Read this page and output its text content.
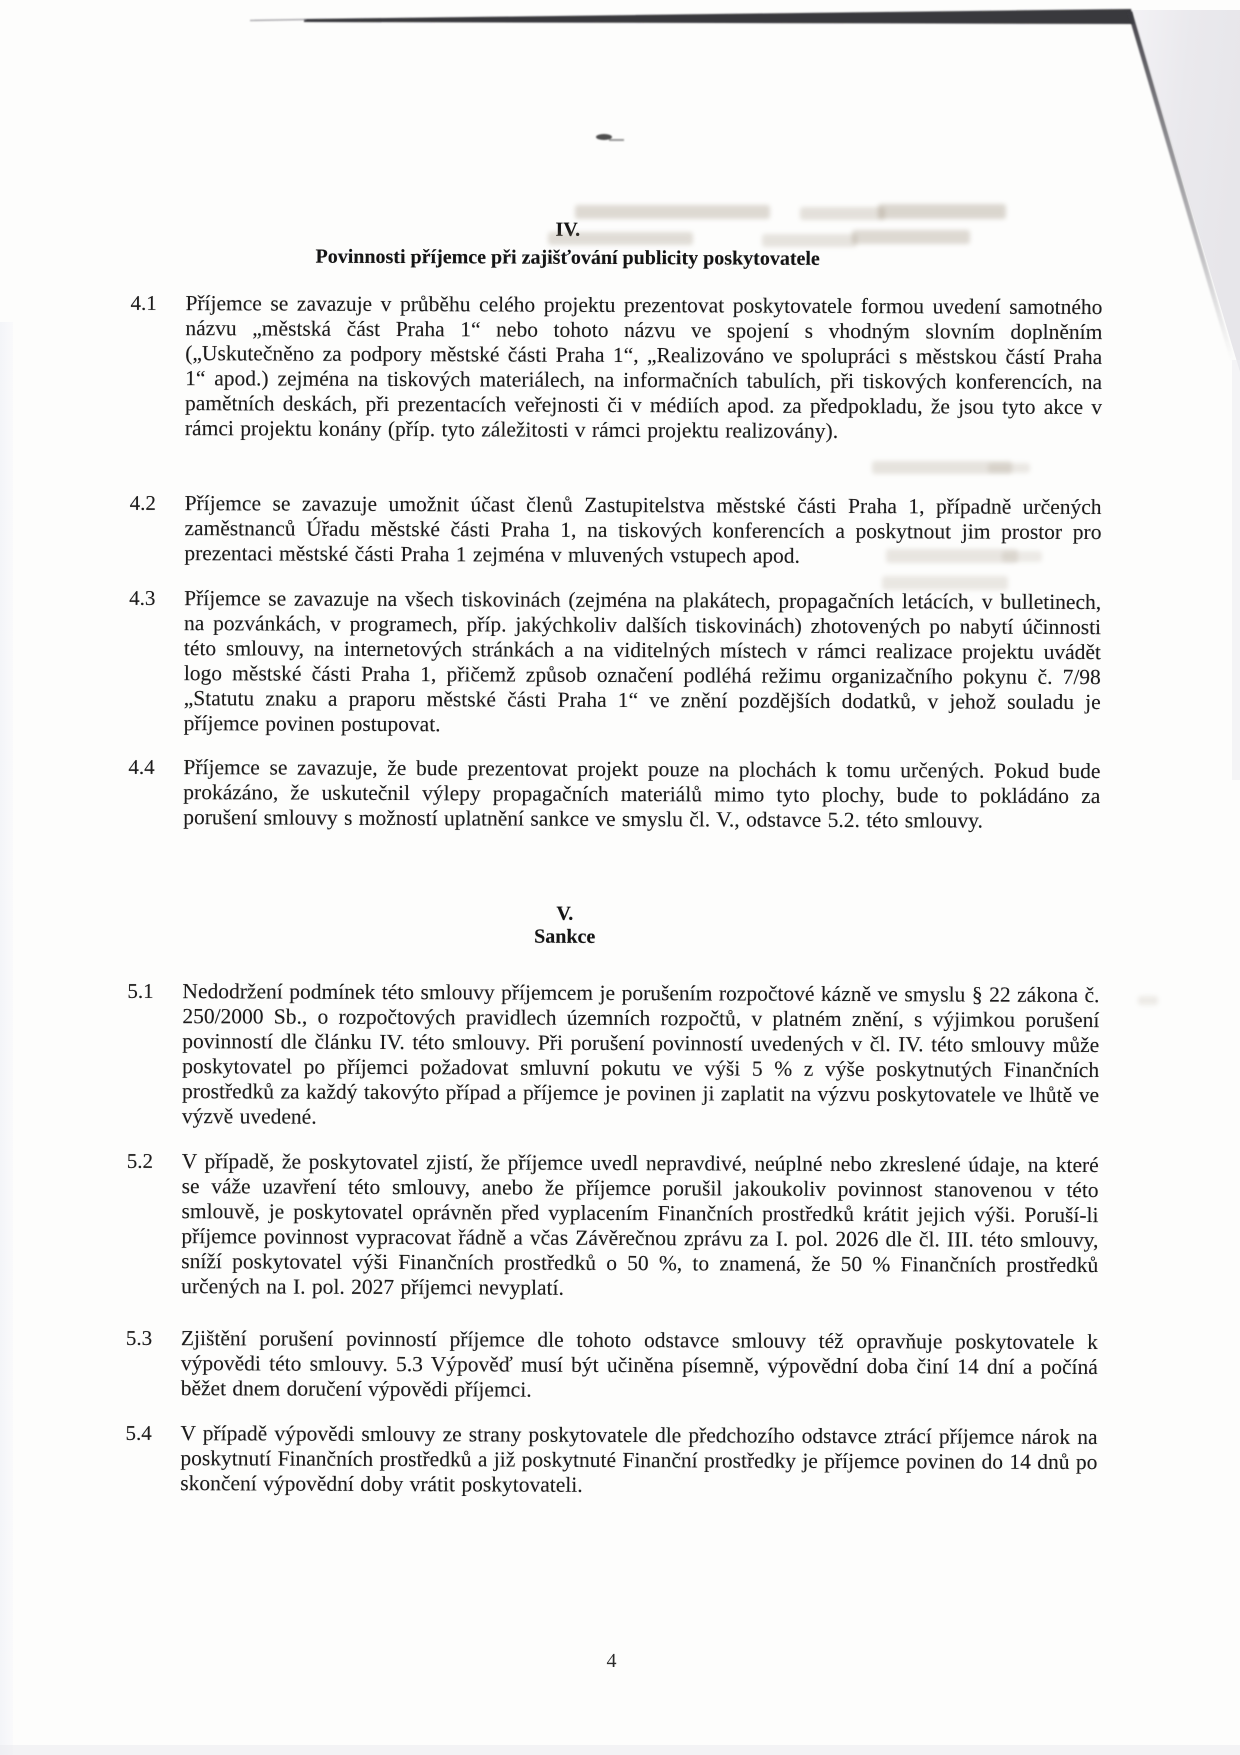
IV.
Povinnosti příjemce při zajišťování publicity poskytovatele
4.1	Příjemce se zavazuje v průběhu celého projektu prezentovat poskytovatele formou uvedení samotného názvu „městská část Praha 1“ nebo tohoto názvu ve spojení s vhodným slovním doplněním („Uskutečněno za podpory městské části Praha 1“, „Realizováno ve spolupráci s městskou částí Praha 1“ apod.) zejména na tiskových materiálech, na informačních tabulích, při tiskových konferencích, na pamětních deskách, při prezentacích veřejnosti či v médiích apod. za předpokladu, že jsou tyto akce v rámci projektu konány (příp. tyto záležitosti v rámci projektu realizovány).

4.2	Příjemce se zavazuje umožnit účast členů Zastupitelstva městské části Praha 1, případně určených zaměstnanců Úřadu městské části Praha 1, na tiskových konferencích a poskytnout jim prostor pro prezentaci městské části Praha 1 zejména v mluvených vstupech apod.

4.3	Příjemce se zavazuje na všech tiskovinách (zejména na plakátech, propagačních letácích, v bulletinech, na pozvánkách, v programech, příp. jakýchkoliv dalších tiskovinách) zhotovených po nabytí účinnosti této smlouvy, na internetových stránkách a na viditelných místech v rámci realizace projektu uvádět logo městské části Praha 1, přičemž způsob označení podléhá režimu organizačního pokynu č. 7/98 „Statutu znaku a praporu městské části Praha 1“ ve znění pozdějších dodatků, v jehož souladu je příjemce povinen postupovat.

4.4	Příjemce se zavazuje, že bude prezentovat projekt pouze na plochách k tomu určených. Pokud bude prokázáno, že uskutečnil výlepy propagačních materiálů mimo tyto plochy, bude to pokládáno za porušení smlouvy s možností uplatnění sankce ve smyslu čl. V., odstavce 5.2. této smlouvy.

V.
Sankce
5.1	Nedodržení podmínek této smlouvy příjemcem je porušením rozpočtové kázně ve smyslu § 22 zákona č. 250/2000 Sb., o rozpočtových pravidlech územních rozpočtů, v platném znění, s výjimkou porušení povinností dle článku IV. této smlouvy. Při porušení povinností uvedených v čl. IV. této smlouvy může poskytovatel po příjemci požadovat smluvní pokutu ve výši 5 % z výše poskytnutých Finančních prostředků za každý takovýto případ a příjemce je povinen ji zaplatit na výzvu poskytovatele ve lhůtě ve výzvě uvedené.

5.2	V případě, že poskytovatel zjistí, že příjemce uvedl nepravdivé, neúplné nebo zkreslené údaje, na které se váže uzavření této smlouvy, anebo že příjemce porušil jakoukoliv povinnost stanovenou v této smlouvě, je poskytovatel oprávněn před vyplacením Finančních prostředků krátit jejich výši. Poruší-li příjemce povinnost vypracovat řádně a včas Závěrečnou zprávu za I. pol. 2026 dle čl. III. této smlouvy, sníží poskytovatel výši Finančních prostředků o 50 %, to znamená, že 50 % Finančních prostředků určených na I. pol. 2027 příjemci nevyplatí.

5.3	Zjištění porušení povinností příjemce dle tohoto odstavce smlouvy též opravňuje poskytovatele k výpovědi této smlouvy. 5.3 Výpověď musí být učiněna písemně, výpovědní doba činí 14 dní a počíná běžet dnem doručení výpovědi příjemci.

5.4	V případě výpovědi smlouvy ze strany poskytovatele dle předchozího odstavce ztrácí příjemce nárok na poskytnutí Finančních prostředků a již poskytnuté Finanční prostředky je příjemce povinen do 14 dnů po skončení výpovědní doby vrátit poskytovateli.

4
